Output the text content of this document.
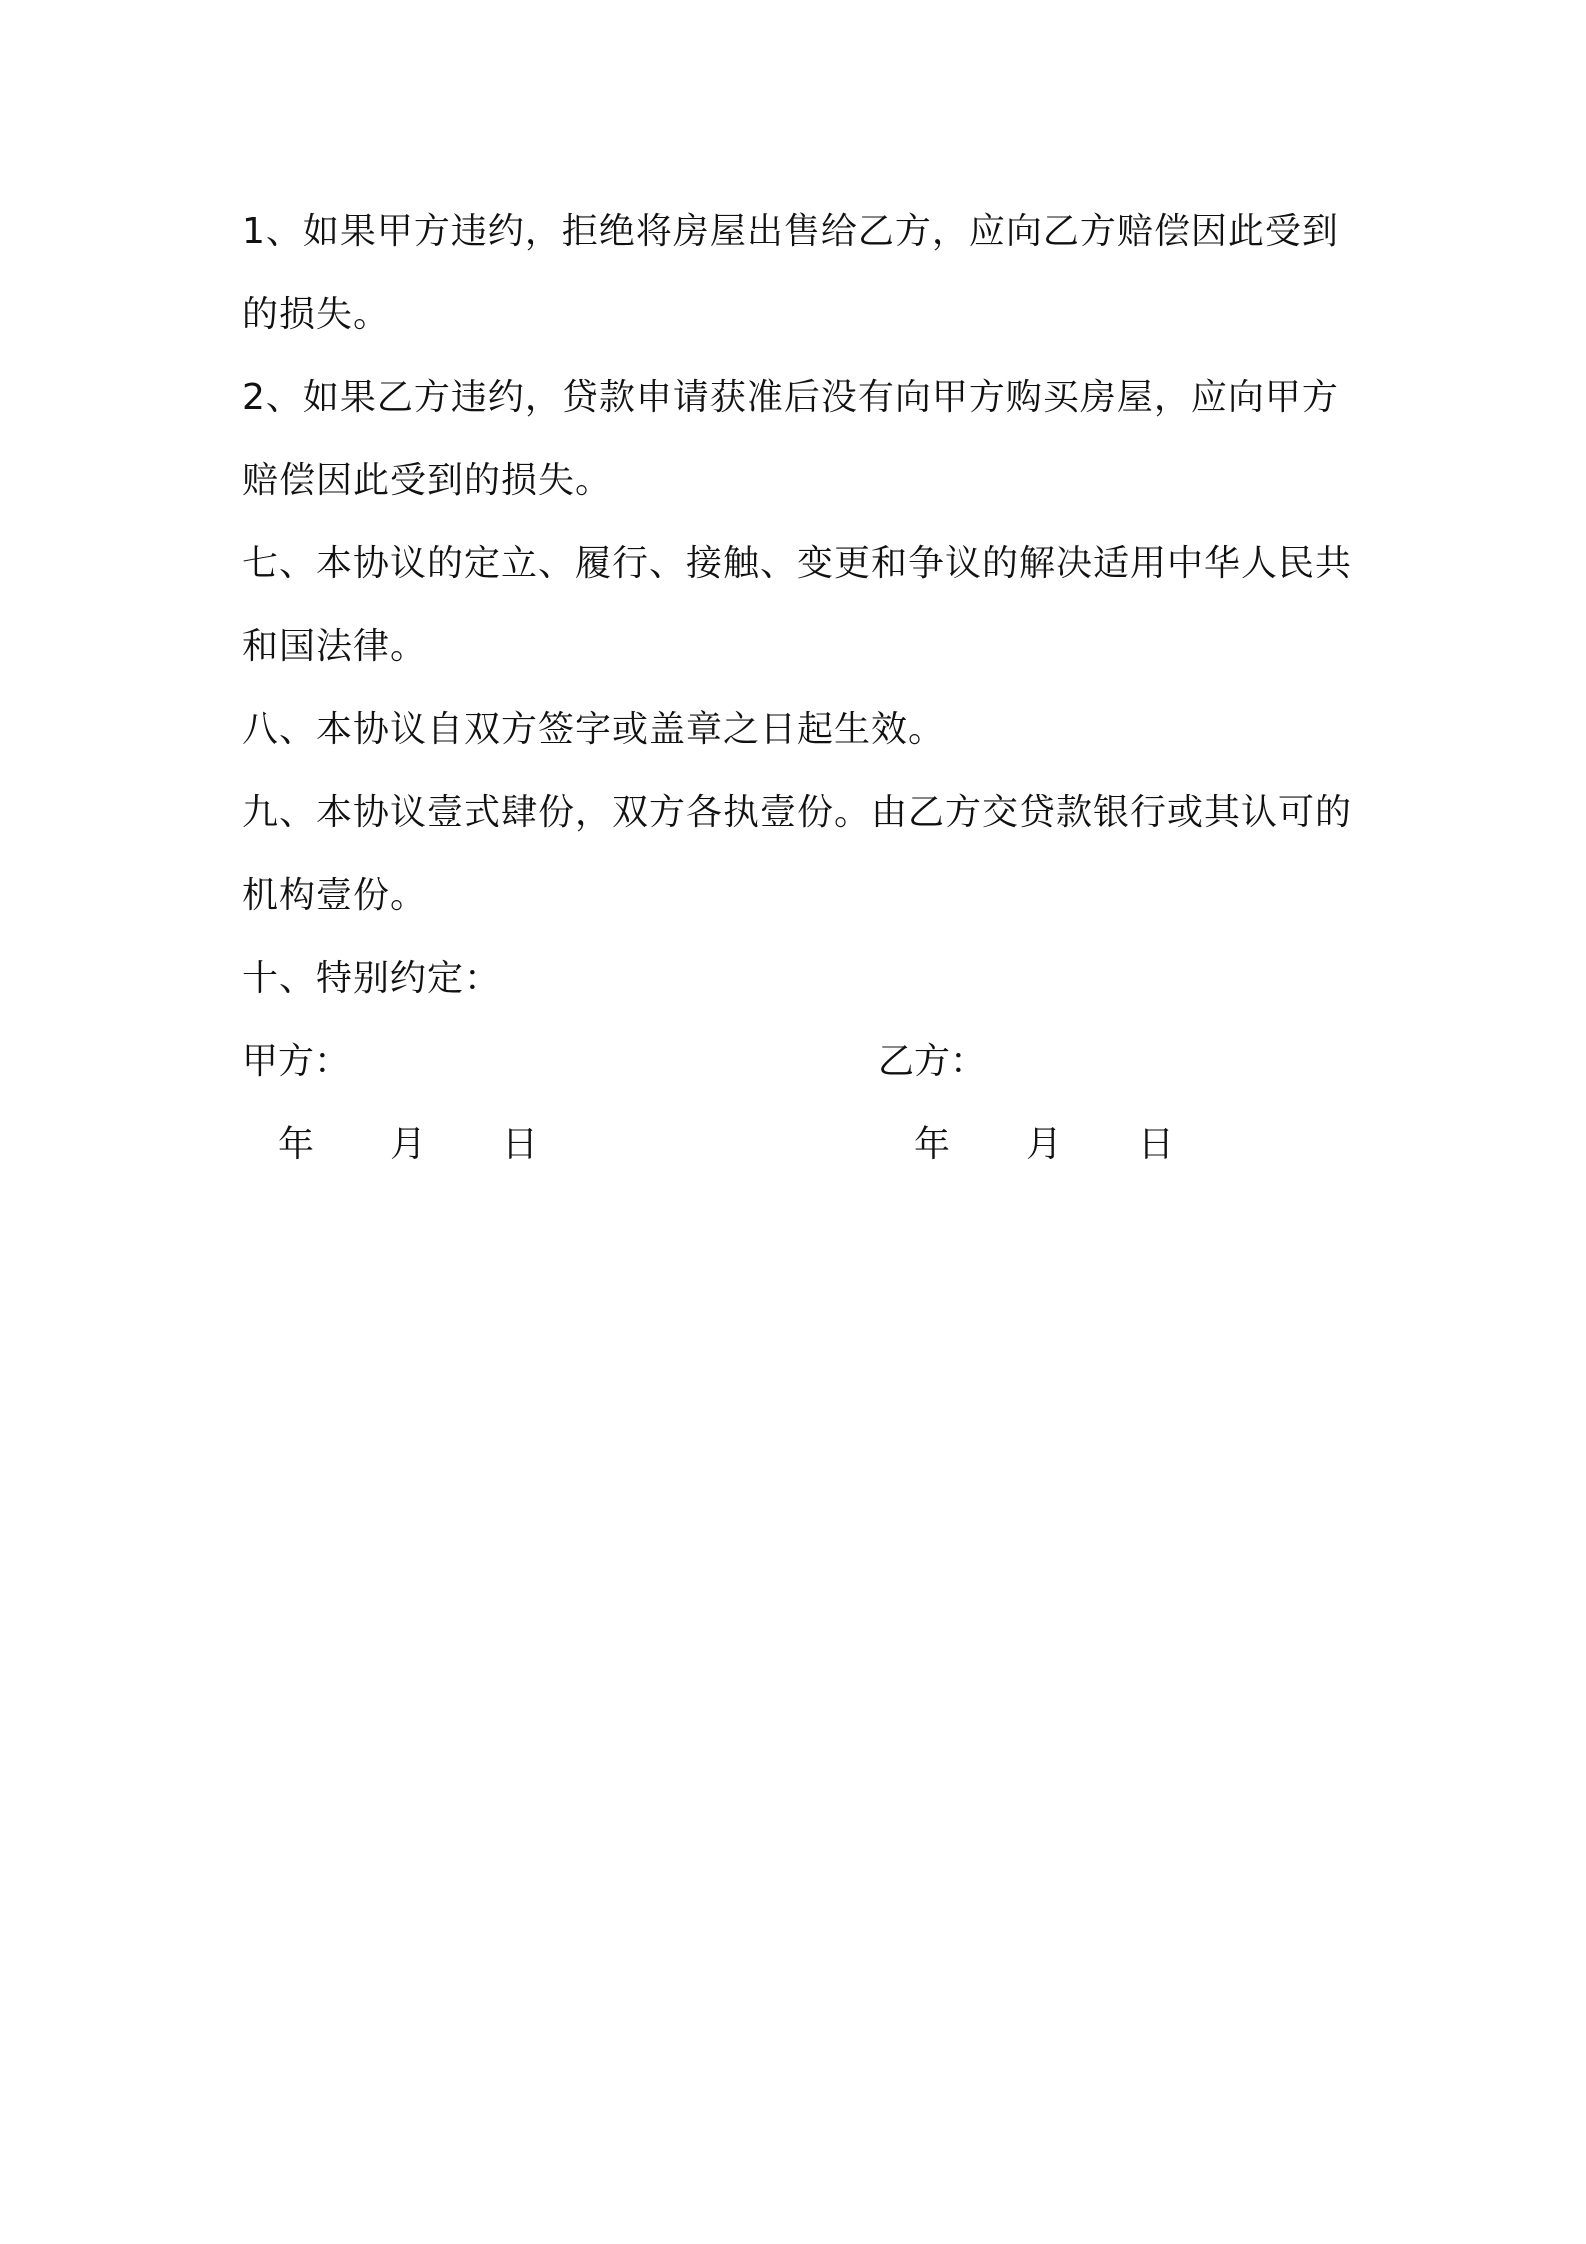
1、如果甲方违约，拒绝将房屋出售给乙方，应向乙方赔偿因此受到的损失。

2、如果乙方违约，贷款申请获准后没有向甲方购买房屋，应向甲方赔偿因此受到的损失。

七、本协议的定立、履行、接触、变更和争议的解决适用中华人民共和国法律。

八、本协议自双方签字或盖章之日起生效。

九、本协议壹式肆份，双方各执壹份。由乙方交贷款银行或其认可的机构壹份。

十、特别约定：

甲方：	乙方：
年 月 日	年 月 日
